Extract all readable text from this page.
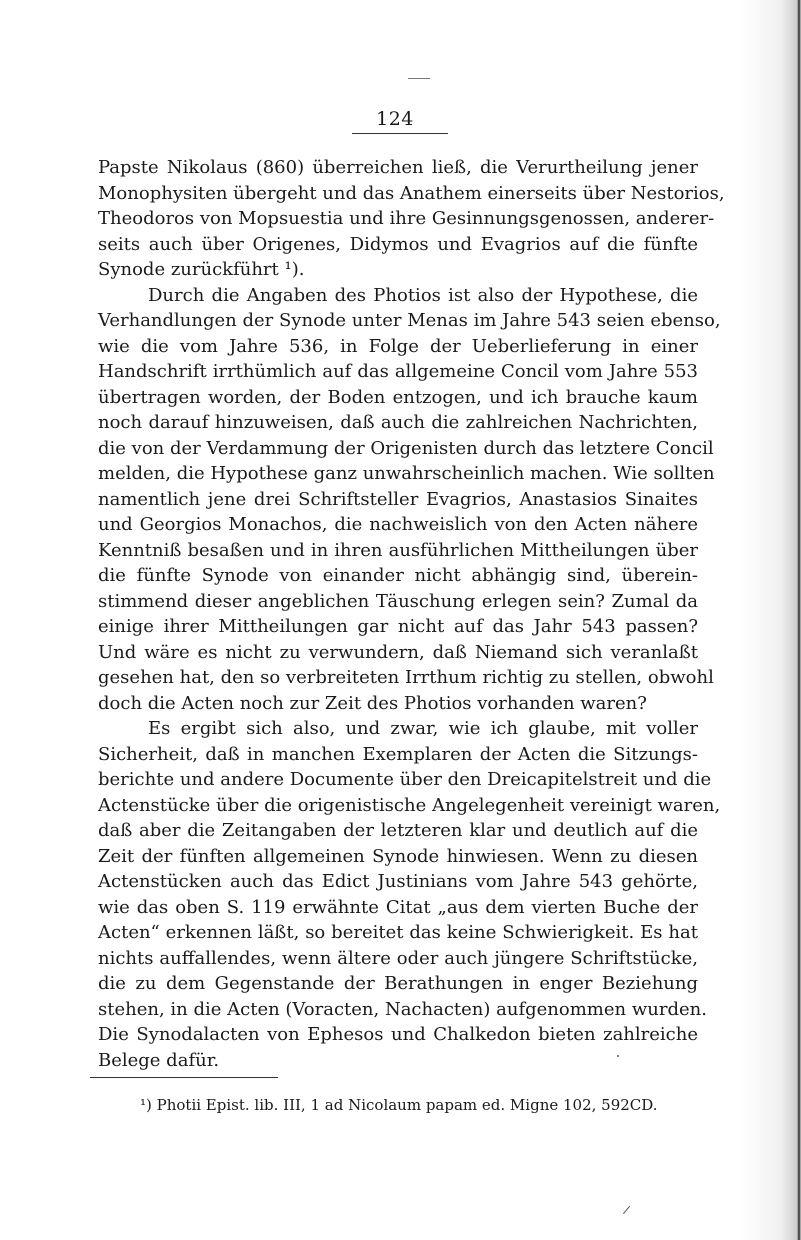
124
Papste Nikolaus (860) überreichen ließ, die Verurtheilung jener
Monophysiten übergeht und das Anathem einerseits über Nestorios,
Theodoros von Mopsuestia und ihre Gesinnungsgenossen, anderer-
seits auch über Origenes, Didymos und Evagrios auf die fünfte
Synode zurückführt ¹).
Durch die Angaben des Photios ist also der Hypothese, die
Verhandlungen der Synode unter Menas im Jahre 543 seien ebenso,
wie die vom Jahre 536, in Folge der Ueberlieferung in einer
Handschrift irrthümlich auf das allgemeine Concil vom Jahre 553
übertragen worden, der Boden entzogen, und ich brauche kaum
noch darauf hinzuweisen, daß auch die zahlreichen Nachrichten,
die von der Verdammung der Origenisten durch das letztere Concil
melden, die Hypothese ganz unwahrscheinlich machen. Wie sollten
namentlich jene drei Schriftsteller Evagrios, Anastasios Sinaites
und Georgios Monachos, die nachweislich von den Acten nähere
Kenntniß besaßen und in ihren ausführlichen Mittheilungen über
die fünfte Synode von einander nicht abhängig sind, überein-
stimmend dieser angeblichen Täuschung erlegen sein? Zumal da
einige ihrer Mittheilungen gar nicht auf das Jahr 543 passen?
Und wäre es nicht zu verwundern, daß Niemand sich veranlaßt
gesehen hat, den so verbreiteten Irrthum richtig zu stellen, obwohl
doch die Acten noch zur Zeit des Photios vorhanden waren?
Es ergibt sich also, und zwar, wie ich glaube, mit voller
Sicherheit, daß in manchen Exemplaren der Acten die Sitzungs-
berichte und andere Documente über den Dreicapitelstreit und die
Actenstücke über die origenistische Angelegenheit vereinigt waren,
daß aber die Zeitangaben der letzteren klar und deutlich auf die
Zeit der fünften allgemeinen Synode hinwiesen. Wenn zu diesen
Actenstücken auch das Edict Justinians vom Jahre 543 gehörte,
wie das oben S. 119 erwähnte Citat „aus dem vierten Buche der
Acten“ erkennen läßt, so bereitet das keine Schwierigkeit. Es hat
nichts auffallendes, wenn ältere oder auch jüngere Schriftstücke,
die zu dem Gegenstande der Berathungen in enger Beziehung
stehen, in die Acten (Voracten, Nachacten) aufgenommen wurden.
Die Synodalacten von Ephesos und Chalkedon bieten zahlreiche
Belege dafür.
¹) Photii Epist. lib. III, 1 ad Nicolaum papam ed. Migne 102, 592CD.
